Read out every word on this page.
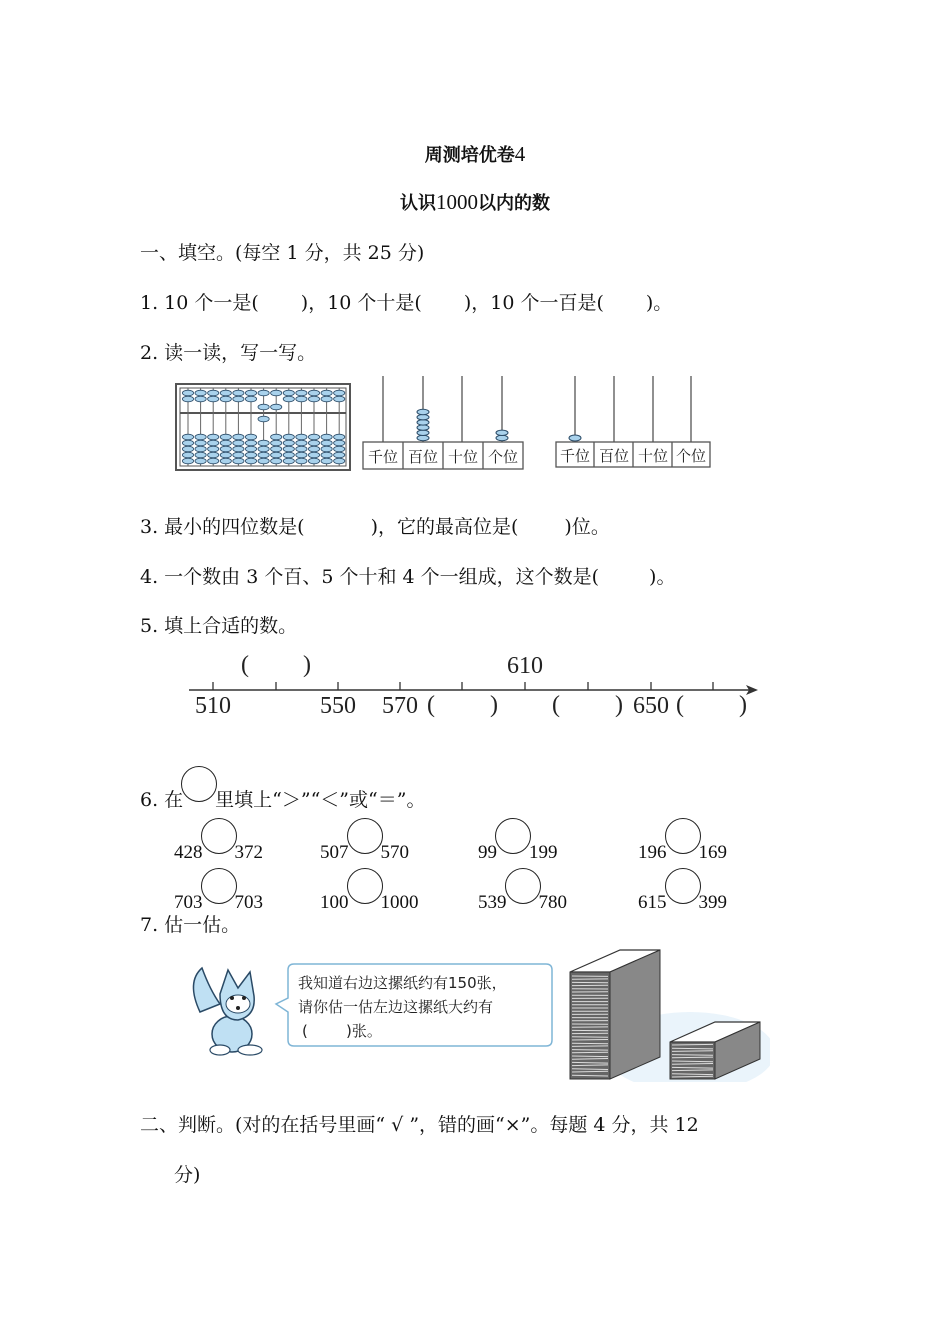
周测培优卷4
认识1000以内的数
一、填空。(每空 1 分，共 25 分)
1. 10 个一是( )，10 个十是( )，10 个一百是( )。
2. 读一读，写一写。
千位 百位 十位 个位	千位 百位 十位 个位
3. 最小的四位数是(	)，它的最高位是( )位。
4. 一个数由 3 个百、5 个十和 4 个一组成，这个数是(	)。
5. 填上合适的数。
510	550 570
610
650
( )
( ) ( ) ( )
6. 在 里填上“＞”“＜”或“＝”。
428 372	507 570	99 199	196 169
703 703	100 1000	539 780	615 399
7. 估一估。
我知道右边这摞纸约有150张，
请你估一估左边这摞纸大约有
(	)张。
二、判断。(对的在括号里画“ √ ”，错的画“×”。每题 4 分，共 12
分)
